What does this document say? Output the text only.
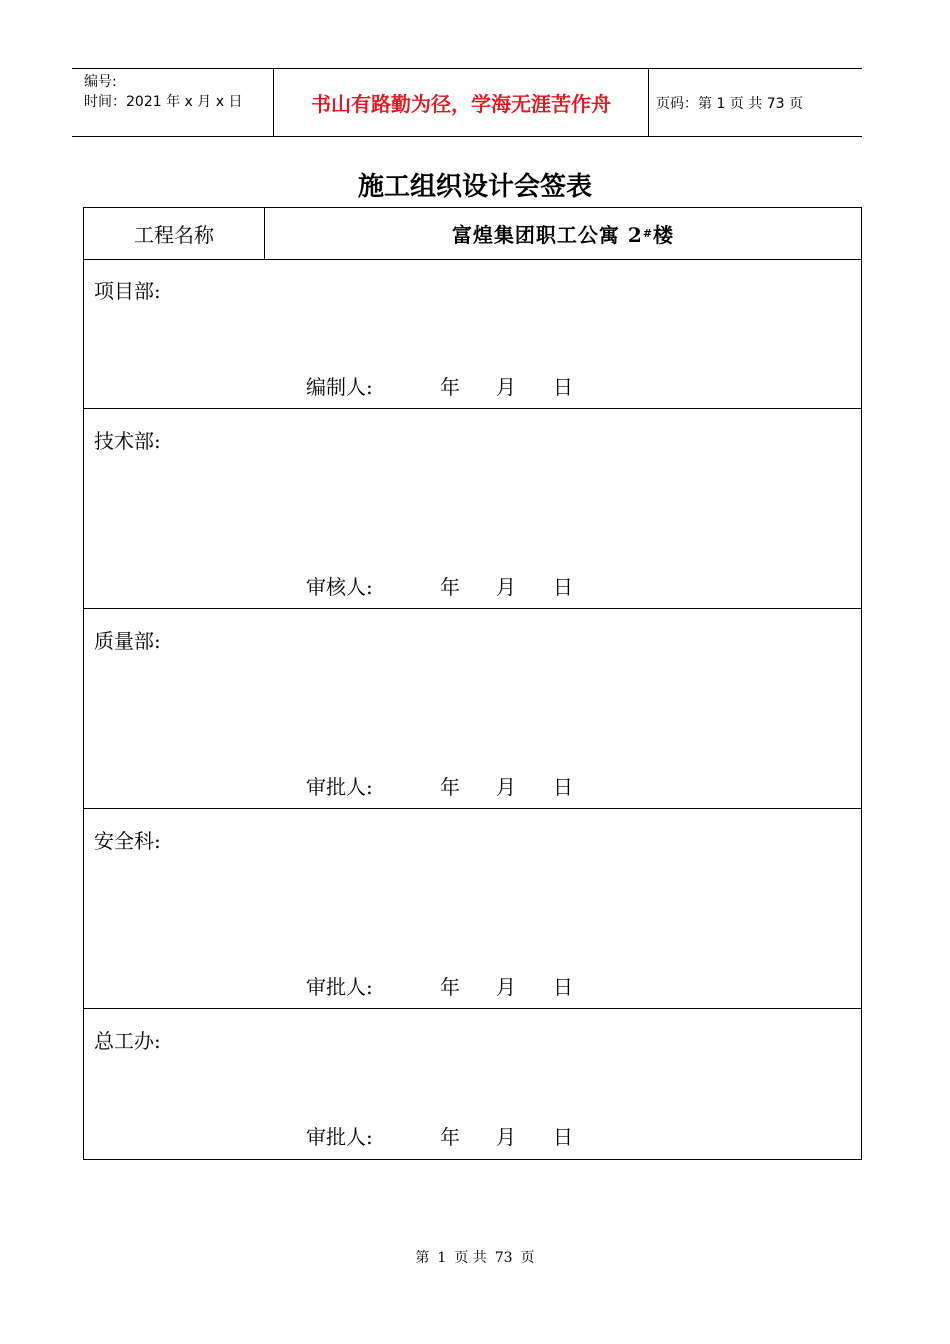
编号:
时间：2021 年 x 月 x 日	书山有路勤为径，学海无涯苦作舟	页码：第 1 页 共 73 页
施工组织设计会签表
工程名称	富煌集团职工公寓 2 # 楼
项目部:
编制人:	年 月 日
技术部:
审核人:	年 月 日
质量部:
审批人:	年 月 日
安全科:
审批人:	年 月 日
总工办:
审批人:	年 月 日
第 1 页 共 73 页
